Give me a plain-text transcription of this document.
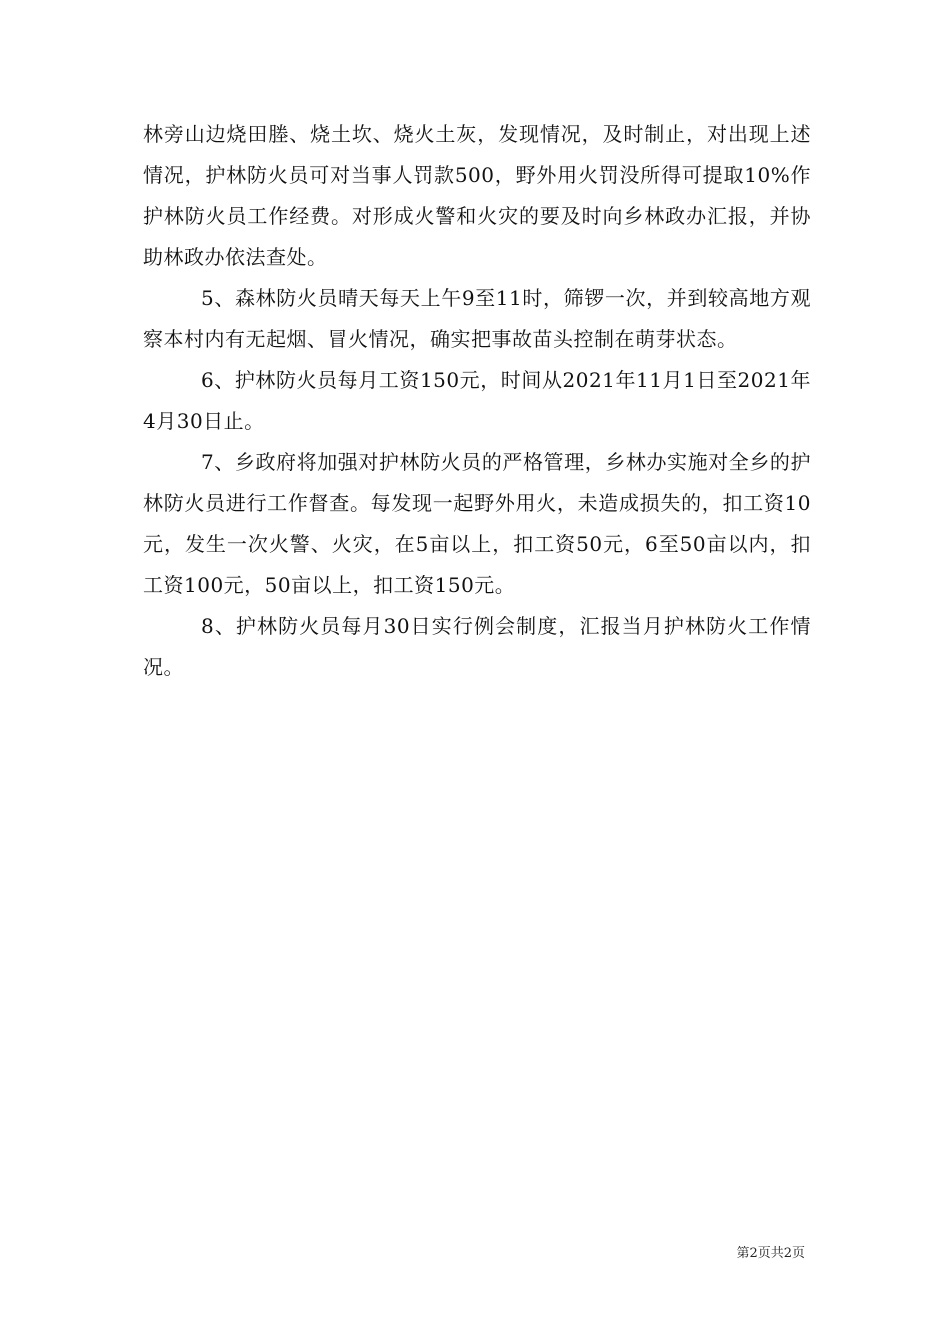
林旁山边烧田塍、烧土坎、烧火土灰，发现情况，及时制止，对出现上述情况，护林防火员可对当事人罚款500，野外用火罚没所得可提取10%作护林防火员工作经费。对形成火警和火灾的要及时向乡林政办汇报，并协助林政办依法查处。

5、森林防火员晴天每天上午9至11时，筛锣一次，并到较高地方观察本村内有无起烟、冒火情况，确实把事故苗头控制在萌芽状态。

6、护林防火员每月工资150元，时间从2021年11月1日至2021年4月30日止。

7、乡政府将加强对护林防火员的严格管理，乡林办实施对全乡的护林防火员进行工作督查。每发现一起野外用火，未造成损失的，扣工资10元，发生一次火警、火灾，在5亩以上，扣工资50元，6至50亩以内，扣工资100元，50亩以上，扣工资150元。

8、护林防火员每月30日实行例会制度，汇报当月护林防火工作情况。

第2页共2页
